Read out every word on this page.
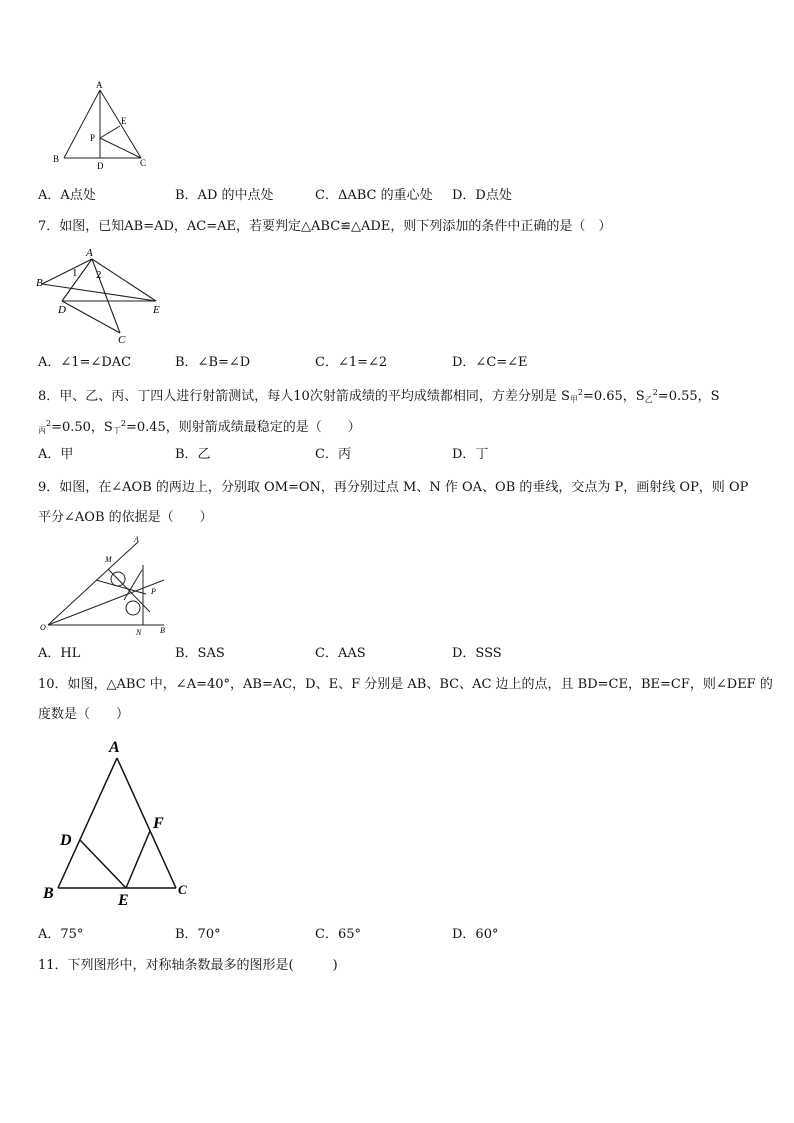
A
B	C
D
E
P
A．A点处	B．AD 的中点处	C．ΔABC 的重心处 D．D点处
7．如图，已知AB=AD，AC=AE，若要判定△ABC≌△ADE，则下列添加的条件中正确的是（　）
A
B
D	E
C
1 2
A．∠1=∠DAC	B．∠B=∠D	C．∠1=∠2	D．∠C=∠E
8．甲、乙、丙、丁四人进行射箭测试，每人10次射箭成绩的平均成绩都相同，方差分别是 $S_甲^2=0.65$，$S_乙^2=0.55$，S
$_丙^2$=0.50，$S_丁^2=0.45$，则射箭成绩最稳定的是（　　）
A．甲	B．乙	C．丙	D．丁
9．如图，在∠AOB 的两边上，分别取 OM=ON，再分别过点 M、N 作 OA、OB 的垂线，交点为 P，画射线 OP，则 OP
平分∠AOB 的依据是（　　）
A
M
P
O
N B
A．HL	B．SAS	C．AAS	D．SSS
10．如图，△ABC 中，∠A=40°，AB=AC，D、E、F 分别是 AB、BC、AC 边上的点，且 BD=CE，BE=CF，则∠DEF 的
度数是（　　）
A
D
F
B	E
C
A．75°	B．70°	C．65°	D．60°
11．下列图形中，对称轴条数最多的图形是(　　　)
